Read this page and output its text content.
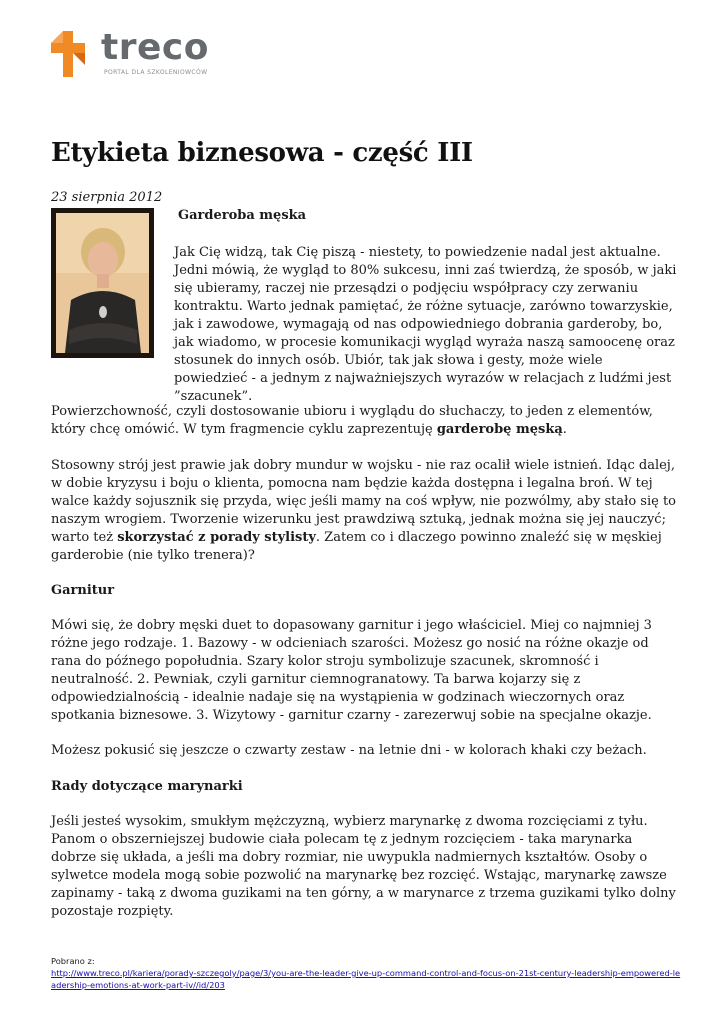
treco
PORTAL DLA SZKOLENIOWCÓW
Etykieta biznesowa - część III
23 sierpnia 2012
Garderoba męska

Jak Cię widzą, tak Cię piszą - niestety, to powiedzenie nadal jest aktualne. Jedni mówią, że wygląd to 80% sukcesu, inni zaś twierdzą, że sposób, w jaki się ubieramy, raczej nie przesądzi o podjęciu współpracy czy zerwaniu kontraktu. Warto jednak pamiętać, że różne sytuacje, zarówno towarzyskie, jak i zawodowe, wymagają od nas odpowiedniego dobrania garderoby, bo, jak wiadomo, w procesie komunikacji wygląd wyraża naszą samoocenę oraz stosunek do innych osób. Ubiór, tak jak słowa i gesty, może wiele powiedzieć - a jednym z najważniejszych wyrazów w relacjach z ludźmi jest ”szacunek”.

Powierzchowność, czyli dostosowanie ubioru i wyglądu do słuchaczy, to jeden z elementów, który chcę omówić. W tym fragmencie cyklu zaprezentuję garderobę męską.

Stosowny strój jest prawie jak dobry mundur w wojsku - nie raz ocalił wiele istnień. Idąc dalej, w dobie kryzysu i boju o klienta, pomocna nam będzie każda dostępna i legalna broń. W tej walce każdy sojusznik się przyda, więc jeśli mamy na coś wpływ, nie pozwólmy, aby stało się to naszym wrogiem. Tworzenie wizerunku jest prawdziwą sztuką, jednak można się jej nauczyć; warto też skorzystać z porady stylisty. Zatem co i dlaczego powinno znaleźć się w męskiej garderobie (nie tylko trenera)?

Garnitur

Mówi się, że dobry męski duet to dopasowany garnitur i jego właściciel. Miej co najmniej 3 różne jego rodzaje. 1. Bazowy - w odcieniach szarości. Możesz go nosić na różne okazje od rana do późnego popołudnia. Szary kolor stroju symbolizuje szacunek, skromność i neutralność. 2. Pewniak, czyli garnitur ciemnogranatowy. Ta barwa kojarzy się z odpowiedzialnością - idealnie nadaje się na wystąpienia w godzinach wieczornych oraz spotkania biznesowe. 3. Wizytowy - garnitur czarny - zarezerwuj sobie na specjalne okazje.

Możesz pokusić się jeszcze o czwarty zestaw - na letnie dni - w kolorach khaki czy beżach.

Rady dotyczące marynarki

Jeśli jesteś wysokim, smukłym mężczyzną, wybierz marynarkę z dwoma rozcięciami z tyłu. Panom o obszerniejszej budowie ciała polecam tę z jednym rozcięciem - taka marynarka dobrze się układa, a jeśli ma dobry rozmiar, nie uwypukla nadmiernych kształtów. Osoby o sylwetce modela mogą sobie pozwolić na marynarkę bez rozcięć. Wstając, marynarkę zawsze zapinamy - taką z dwoma guzikami na ten górny, a w marynarce z trzema guzikami tylko dolny pozostaje rozpięty.

Pobrano z:
http://www.treco.pl/kariera/porady-szczegoly/page/3/you-are-the-leader-give-up-command-control-and-focus-on-21st-century-leadership-empowered-leadership-emotions-at-work-part-iv//id/203
